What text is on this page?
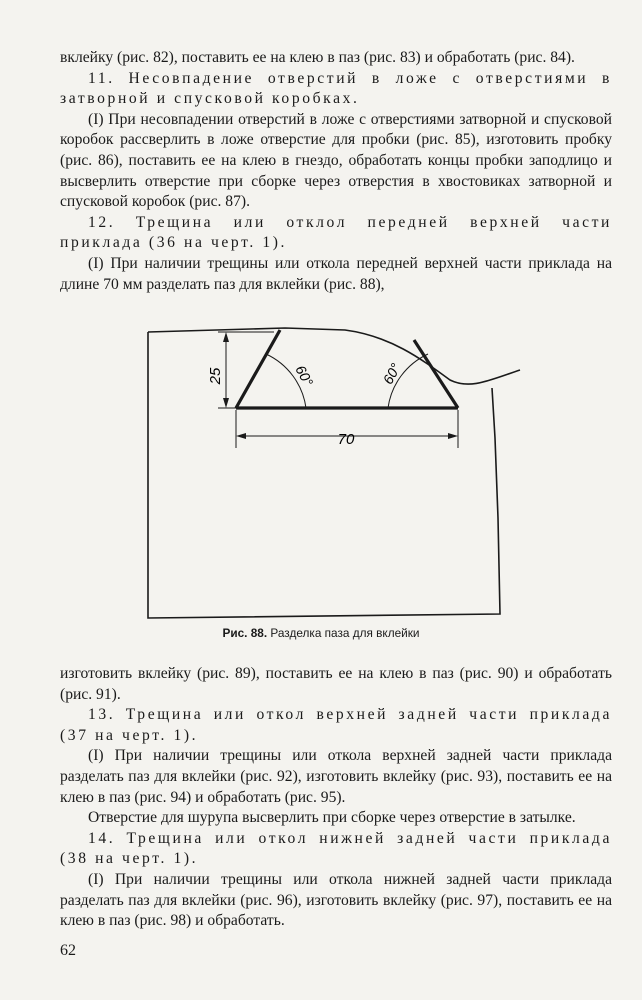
вклейку (рис. 82), поставить ее на клею в паз (рис. 83) и обработать (рис. 84).

11. Несовпадение отверстий в ложе с отверстиями в затворной и спусковой коробках.

(I) При несовпадении отверстий в ложе с отверстиями затворной и спусковой коробок рассверлить в ложе отверстие для пробки (рис. 85), изготовить пробку (рис. 86), поставить ее на клею в гнездо, обработать концы пробки заподлицо и высверлить отверстие при сборке через отверстия в хвостовиках затворной и спусковой коробок (рис. 87).

12. Трещина или отклол передней верхней части приклада (36 на черт. 1).

(I) При наличии трещины или откола передней верхней части приклада на длине 70 мм разделать паз для вклейки (рис. 88),

25	60°	60°
70
Рис. 88. Разделка паза для вклейки

изготовить вклейку (рис. 89), поставить ее на клею в паз (рис. 90) и обработать (рис. 91).

13. Трещина или откол верхней задней части приклада (37 на черт. 1).

(I) При наличии трещины или откола верхней задней части приклада разделать паз для вклейки (рис. 92), изготовить вклейку (рис. 93), поставить ее на клею в паз (рис. 94) и обработать (рис. 95).

Отверстие для шурупа высверлить при сборке через отверстие в затылке.

14. Трещина или откол нижней задней части приклада (38 на черт. 1).

(I) При наличии трещины или откола нижней задней части приклада разделать паз для вклейки (рис. 96), изготовить вклейку (рис. 97), поставить ее на клею в паз (рис. 98) и обработать.

62
